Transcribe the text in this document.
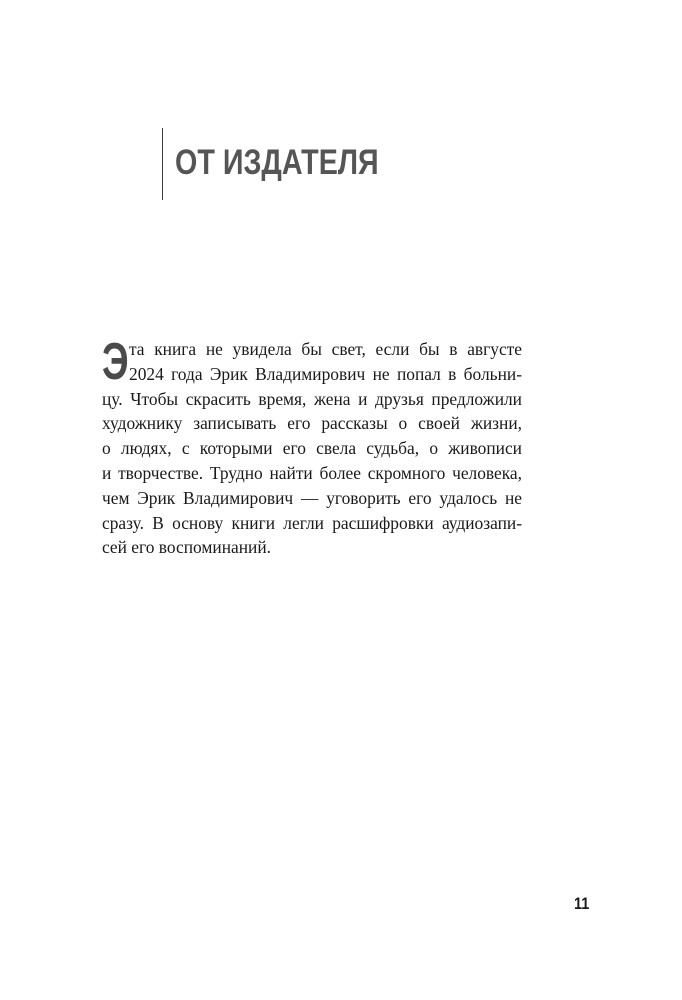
ОТ ИЗДАТЕЛЯ
Э та книга не увидела бы свет, если бы в августе
2024 года Эрик Владимирович не попал в больни-
цу. Чтобы скрасить время, жена и друзья предложили
художнику записывать его рассказы о своей жизни,
о людях, с которыми его свела судьба, о живописи
и творчестве. Трудно найти более скромного человека,
чем Эрик Владимирович — уговорить его удалось не
сразу. В основу книги легли расшифровки аудиозапи-
сей его воспоминаний.
11
